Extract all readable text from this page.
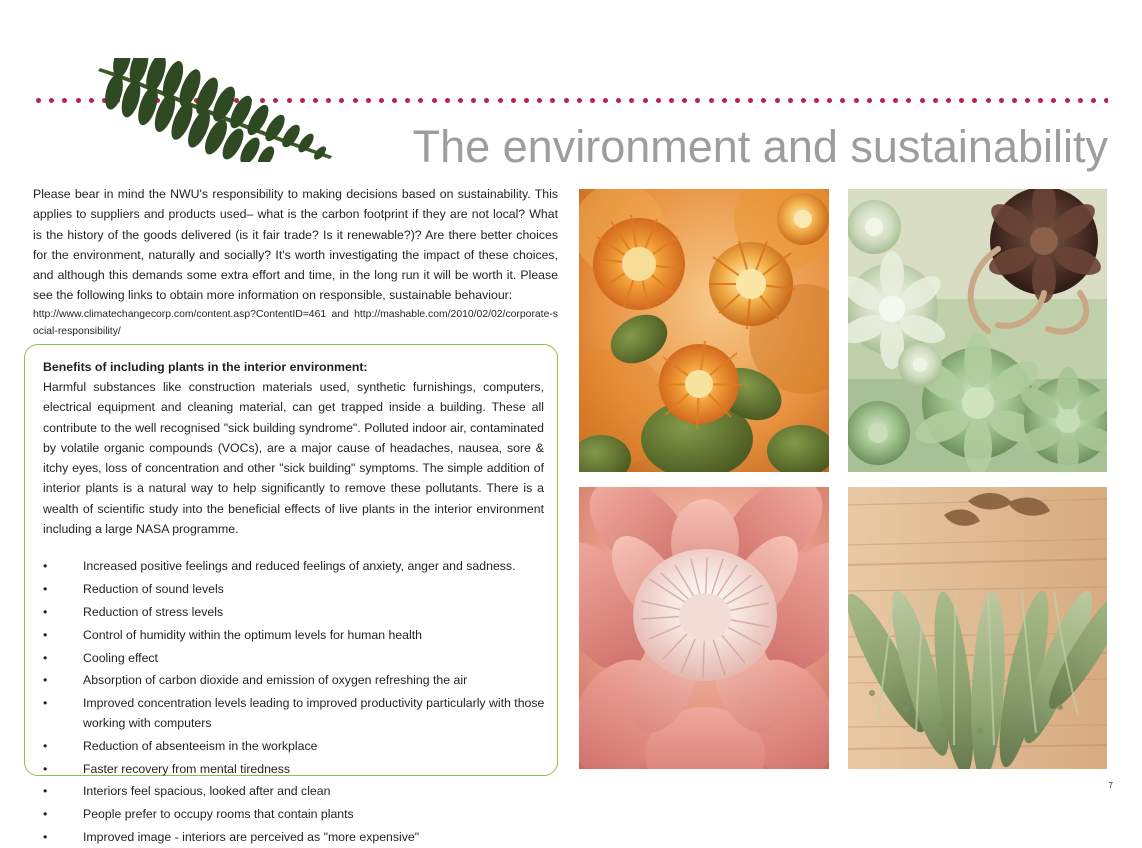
The environment and sustainability
Please bear in mind the NWU's responsibility to making decisions based on sustainability. This applies to suppliers and products used– what is the carbon footprint if they are not local? What is the history of the goods delivered (is it fair trade? Is it renewable?)? Are there better choices for the environment, naturally and socially? It's worth investigating the impact of these choices, and although this demands some extra effort and time, in the long run it will be worth it. Please see the following links to obtain more information on responsible, sustainable behaviour:
http://www.climatechangecorp.com/content.asp?ContentID=461 and http://mashable.com/2010/02/02/corporate-social-responsibility/
Benefits of including plants in the interior environment:
Harmful substances like construction materials used, synthetic furnishings, computers, electrical equipment and cleaning material, can get trapped inside a building. These all contribute to the well recognised "sick building syndrome". Polluted indoor air, contaminated by volatile organic compounds (VOCs), are a major cause of headaches, nausea, sore & itchy eyes, loss of concentration and other "sick building" symptoms. The simple addition of interior plants is a natural way to help significantly to remove these pollutants. There is a wealth of scientific study into the beneficial effects of live plants in the interior environment including a large NASA programme.
•	Increased positive feelings and reduced feelings of anxiety, anger and sadness.
•	Reduction of sound levels
•	Reduction of stress levels
•	Control of humidity within the optimum levels for human health
•	Cooling effect
•	Absorption of carbon dioxide and emission of oxygen refreshing the air
•	Improved concentration levels leading to improved productivity particularly with those working with computers
•	Reduction of absenteeism in the workplace
•	Faster recovery from mental tiredness
•	Interiors feel spacious, looked after and clean
•	People prefer to occupy rooms that contain plants
•	Improved image - interiors are perceived as "more expensive"
7
